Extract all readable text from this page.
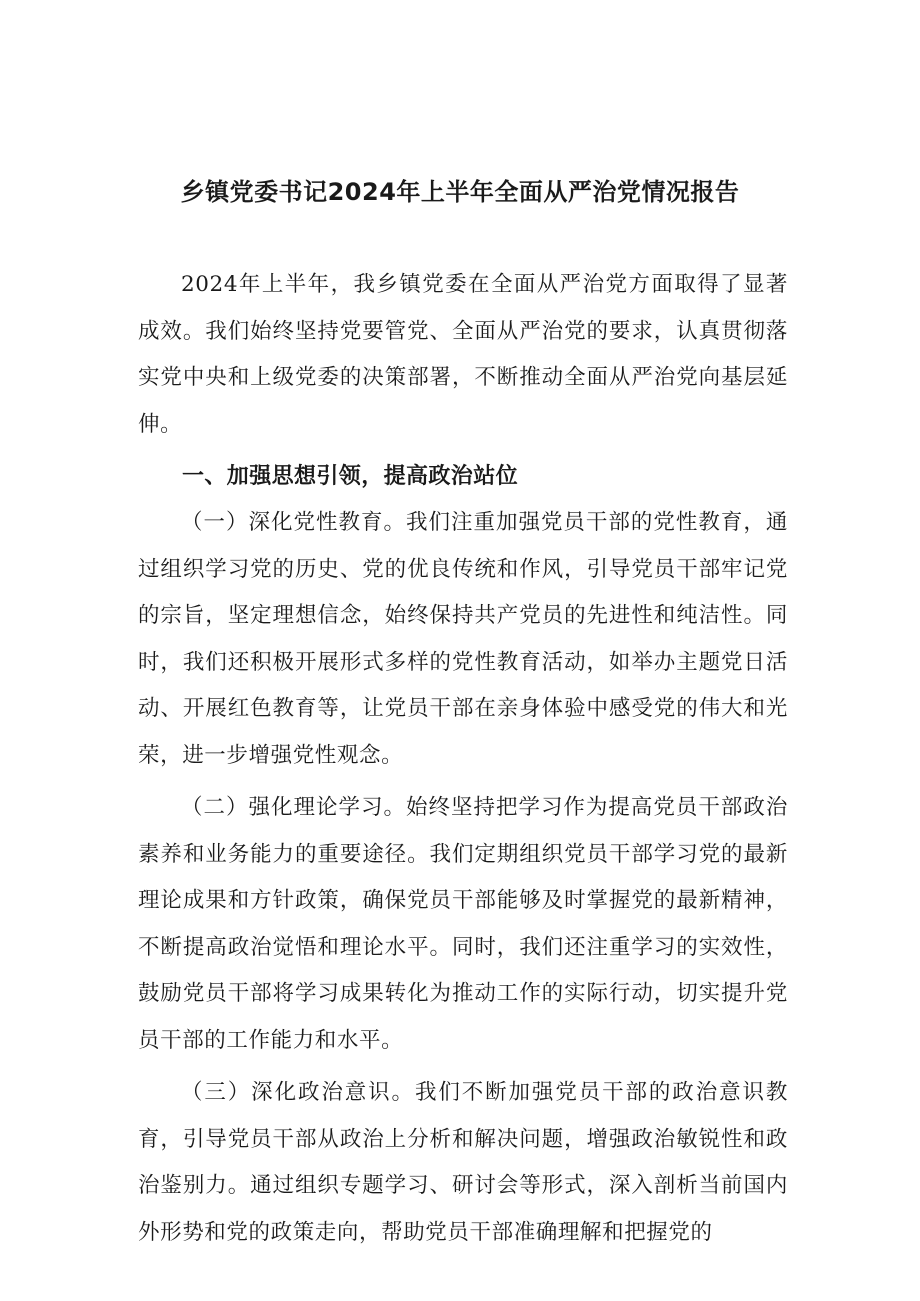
乡镇党委书记2024年上半年全面从严治党情况报告

2024年上半年，我乡镇党委在全面从严治党方面取得了显著成效。我们始终坚持党要管党、全面从严治党的要求，认真贯彻落实党中央和上级党委的决策部署，不断推动全面从严治党向基层延伸。

一、加强思想引领，提高政治站位

（一）深化党性教育。我们注重加强党员干部的党性教育，通过组织学习党的历史、党的优良传统和作风，引导党员干部牢记党的宗旨，坚定理想信念，始终保持共产党员的先进性和纯洁性。同时，我们还积极开展形式多样的党性教育活动，如举办主题党日活动、开展红色教育等，让党员干部在亲身体验中感受党的伟大和光荣，进一步增强党性观念。

（二）强化理论学习。始终坚持把学习作为提高党员干部政治素养和业务能力的重要途径。我们定期组织党员干部学习党的最新理论成果和方针政策，确保党员干部能够及时掌握党的最新精神，不断提高政治觉悟和理论水平。同时，我们还注重学习的实效性，鼓励党员干部将学习成果转化为推动工作的实际行动，切实提升党员干部的工作能力和水平。

（三）深化政治意识。我们不断加强党员干部的政治意识教育，引导党员干部从政治上分析和解决问题，增强政治敏锐性和政治鉴别力。通过组织专题学习、研讨会等形式，深入剖析当前国内外形势和党的政策走向，帮助党员干部准确理解和把握党的
